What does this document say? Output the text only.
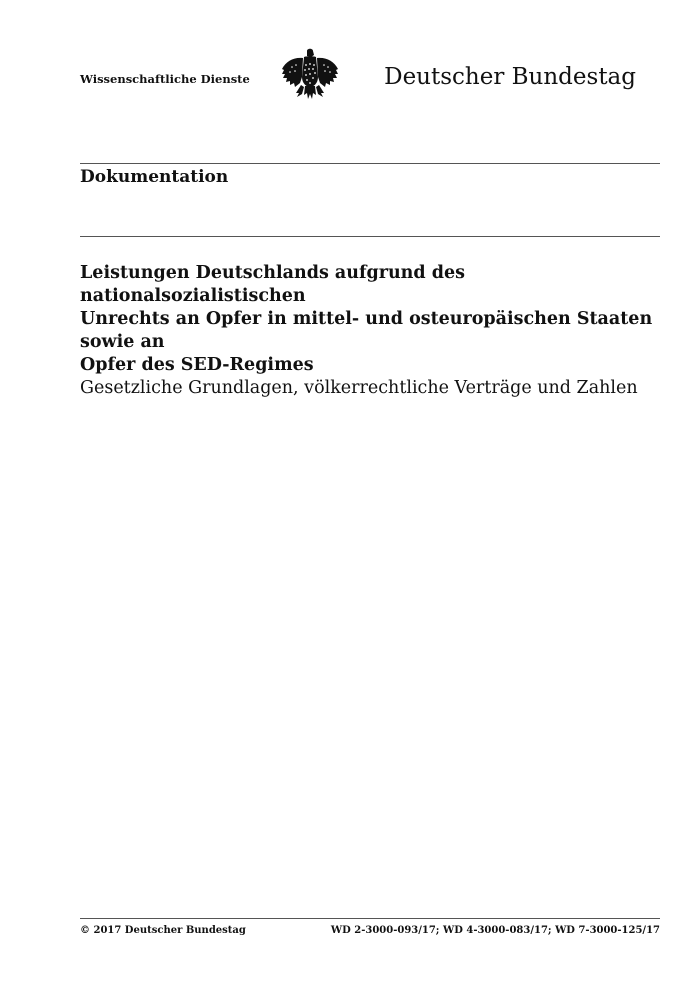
Wissenschaftliche Dienste	Deutscher Bundestag
Dokumentation

Leistungen Deutschlands aufgrund des nationalsozialistischen
Unrechts an Opfer in mittel- und osteuropäischen Staaten sowie an
Opfer des SED-Regimes

Gesetzliche Grundlagen, völkerrechtliche Verträge und Zahlen

© 2017 Deutscher Bundestag	WD 2-3000-093/17; WD 4-3000-083/17; WD 7-3000-125/17
